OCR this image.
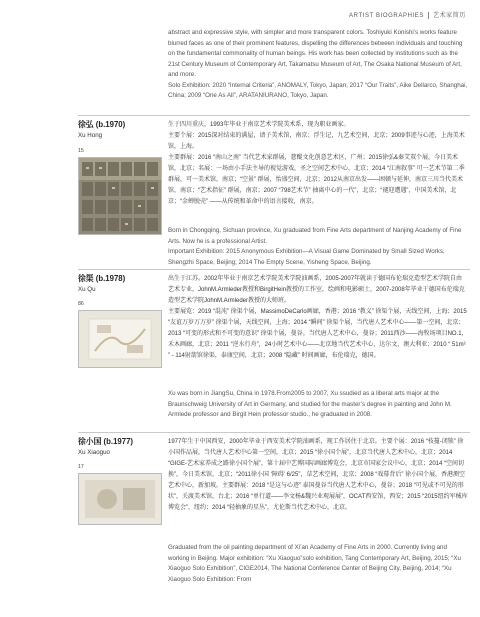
ARTIST BIOGRAPHIES 艺术家简历

abstract and expressive style, with simpler and more transparent colors. Toshiyuki Konishi’s works feature blurred faces as one of their prominent features, dispelling the differences between individuals and touching on the fundamental commonality of human beings. His work has been collected by institutions such as the 21st Century Museum of Contemporary Art, Takamatsu Museum of Art, The Osaka National Museum of Art, and more.

Solo Exhibition: 2020 “Internal Criteria”, ANOMALY, Tokyo, Japan; 2017 “Our Traits”, Aike Dellarco, Shanghai, China; 2009 “One As All”, ARATANIURANO, Tokyo, Japan.

徐弘 (b.1970)
Xu Hong
15

生于四川重庆，1993年毕业于南京艺术学院美术系，现为职业画家。

主要个展：2015深对结束的满屋，请子美术馆，南京；浮生记，九艺术空间，北京；2009事迹与心迹，上海美术馆，上海。

主要群展：2016 “南山之南” 当代艺术家群展，慈醍文化创意艺术区，广州；2015徐弘&秦艾双个展，今日美术馆，北京；名展：一场由小手法主导的视觉游戏，圣之空间艺术中心，北京；2014 “江南叙事” 可一艺术节第二季群展，可一美术馆，南京；“空景” 群展，怡盛空间，北京；2012从南京出发——困顿与延伸，南京三川当代美术馆，南京；“艺术指征” 群展，南京；2007 “798艺术节” 抽离中心的一代”，北京；“褪迎遭遇”，中国美术馆，北京；“金蝉脱壳” ——从传统和革命中的语言接收，南京。

Born in Chongqing, Sichuan province, Xu graduated from Fine Arts department of Nanjing Academy of Fine Arts. Now he is a professional Artist.

Important Exhibition: 2015 Anonymous Exhibition—A Visual Game Dominated by Small Sized Works, Shengzhi Space, Beijing; 2014 The Empty Scene, Yisheng Space, Beijing.

徐渠 (b.1978)
Xu Qu
86

出生于江苏。2002年毕业于南京艺术学院美术学院油画系，2005-2007年就读于德国布伦瑞克造型艺术学院自由艺术专业，JohnM.Armleder教授和BirgitHein教授的工作室，绘画和电影硕士，2007-2008年毕业于德国布伦瑞克造型艺术学院JohnM.Armleder教授的大师班。

主要展览：2019 “混沌” 徐渠个展，MassimoDeCarlo画廊，香港；2016 “教义” 徐渠个展，天线空间，上海；2015 “友谊万岁万万岁” 徐渠个展，天线空间，上海；2014 “瞬间” 徐渠个展，当代唐人艺术中心——第一空间，北京；2013 “可变的形式和不可变的意识” 徐渠个展，曼谷。当代唐人艺术中心，曼谷；2011西沙——海牧场项目NO.1，禾木画廊，北京；2011 “逆水行舟”，24小时艺术中心——北京地当代艺术中心，达尔文，澳大利亚；2010 “ 51m² ” - 114射箭馆徐渠，泰康空间，北京；2008 “隐藏” 时间画廊，布伦瑞克，德国。

Xu was born in JiangSu, China in 1978.From2005 to 2007, Xu ssudied as a liberal arts major at the Braunschweig University of Art in Germany, and studied for the master’s degree in painting and John M. Armlede professor and Birgit Hein professor studio., he graduated in 2008.

徐小国 (b.1977)
Xu Xiaoguo
17

1977年生于中国西安，2000年毕业于西安美术学院油画系，现工作居住于北京。主要个展：2016 “枝蔓-闭锁” 徐小国作品展，当代唐人艺术中心第一空间，北京；2015 “徐小国个展”，北京当代唐人艺术中心，北京；2014 “GIGE-艺术家养成之路徐小国个展”，第十届中艺博国际画廊博览会，北京市国家会议中心，北京；2014 “空间切换”，今日美术馆，北京；“2011徐小国 ‘障碍’ 6/25”，草艺术空间，北京；2008 “戏幕背后” 徐小国个展，香港测空艺术中心，新加坡。主要群展：2018 “是这与心迹” 泰国曼谷当代唐人艺术中心，曼谷；2018 “可见或不可见的形状”，关渡美术馆，台北；2016 “单行道——李文杨&魏兴业观展展”，OCAT西安馆，西安；2015 “2015纽约军械库博览会”，纽约；2014 “轻抽象的星丛”，尤伦斯当代艺术中心，北京。

Graduated from the oil painting department of Xi’an Academy of Fine Arts in 2000. Currently living and working in Beijing. Major exhibition: “Xu Xiaoguo”solo exhibition, Tang Contemporary Art, Beijing, 2015; “Xu Xiaoguo Solo Exhibition”, CIGE2014, The National Conference Center of Beijing City, Beijing, 2014; “Xu Xiaoguo Solo Exhibition: From
